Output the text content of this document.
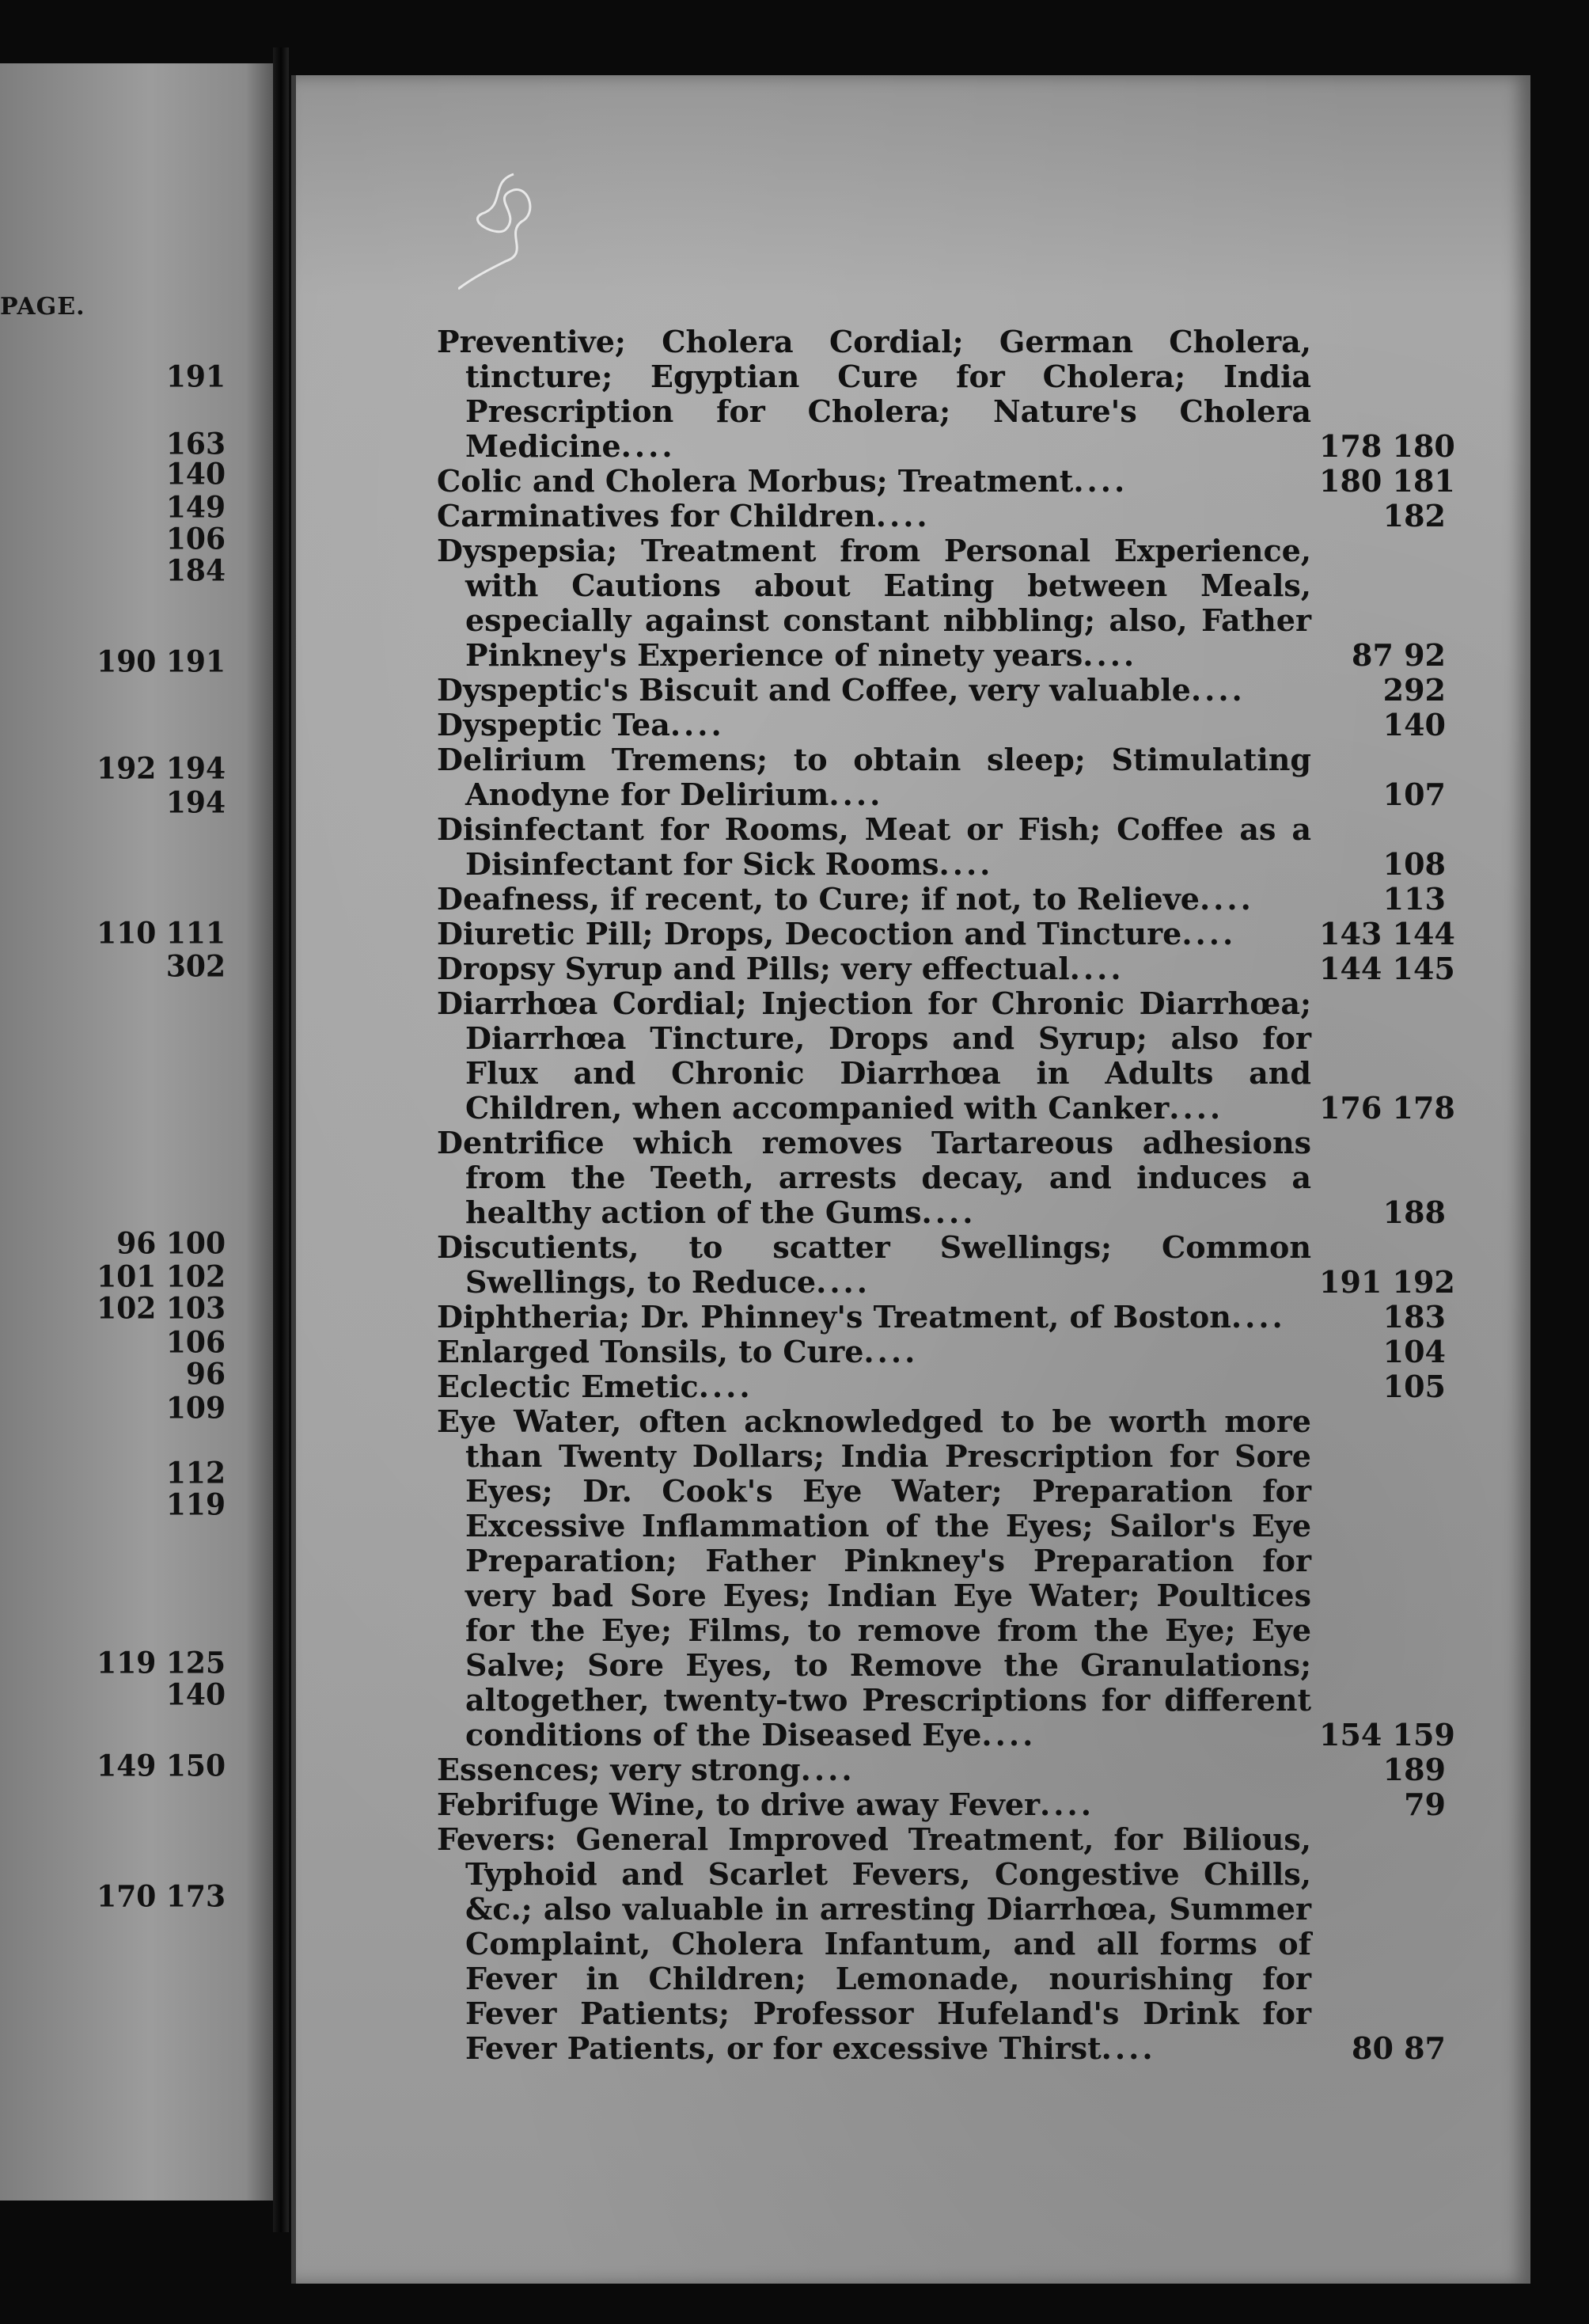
PAGE.
191
163
140
149
106
184
190 191
192 194
194
110 111
302
96 100
101 102
102 103
106
96
109
112
119
119 125
140
149 150
170 173
Preventive; Cholera Cordial; German Cholera, tincture; Egyptian Cure for Cholera; India Prescription for Cholera; Nature's Cholera Medicine....	178 180
Colic and Cholera Morbus; Treatment....	180 181
Carminatives for Children....	182
Dyspepsia; Treatment from Personal Experience, with Cautions about Eating between Meals, especially against constant nibbling; also, Father Pinkney's Experience of ninety years....	87 92
Dyspeptic's Biscuit and Coffee, very valuable....	292
Dyspeptic Tea....	140
Delirium Tremens; to obtain sleep; Stimulating Anodyne for Delirium....	107
Disinfectant for Rooms, Meat or Fish; Coffee as a Disinfectant for Sick Rooms....	108
Deafness, if recent, to Cure; if not, to Relieve....	113
Diuretic Pill; Drops, Decoction and Tincture....	143 144
Dropsy Syrup and Pills; very effectual....	144 145
Diarrhœa Cordial; Injection for Chronic Diarrhœa; Diarrhœa Tincture, Drops and Syrup; also for Flux and Chronic Diarrhœa in Adults and Children, when accompanied with Canker....	176 178
Dentrifice which removes Tartareous adhesions from the Teeth, arrests decay, and induces a healthy action of the Gums....	188
Discutients, to scatter Swellings; Common Swellings, to Reduce....	191 192
Diphtheria; Dr. Phinney's Treatment, of Boston....	183
Enlarged Tonsils, to Cure....	104
Eclectic Emetic....	105
Eye Water, often acknowledged to be worth more than Twenty Dollars; India Prescription for Sore Eyes; Dr. Cook's Eye Water; Preparation for Excessive Inflammation of the Eyes; Sailor's Eye Preparation; Father Pinkney's Preparation for very bad Sore Eyes; Indian Eye Water; Poultices for the Eye; Films, to remove from the Eye; Eye Salve; Sore Eyes, to Remove the Granulations; altogether, twenty-two Prescriptions for different conditions of the Diseased Eye....	154 159
Essences; very strong....	189
Febrifuge Wine, to drive away Fever....	79
Fevers: General Improved Treatment, for Bilious, Typhoid and Scarlet Fevers, Congestive Chills, &c.; also valuable in arresting Diarrhœa, Summer Complaint, Cholera Infantum, and all forms of Fever in Children; Lemonade, nourishing for Fever Patients; Professor Hufeland's Drink for Fever Patients, or for excessive Thirst....	80 87
